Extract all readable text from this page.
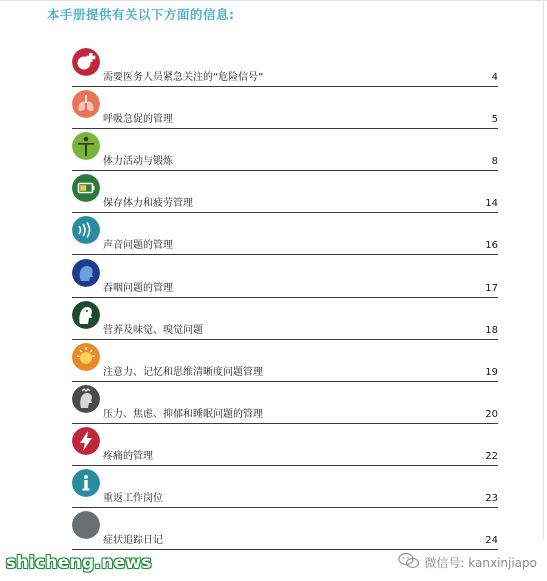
本手册提供有关以下方面的信息:
需要医务人员紧急关注的“危险信号”	4
呼吸急促的管理	5
体力活动与锻炼	8
保存体力和疲劳管理	14
声音问题的管理	16
吞咽问题的管理	17
营养及味觉、嗅觉问题	18
注意力、记忆和思维清晰度问题管理	19
压力、焦虑、抑郁和睡眠问题的管理	20
疼痛的管理	22
重返工作岗位	23
症状追踪日记	24
shicheng.news	微信号: kanxinjiapo
